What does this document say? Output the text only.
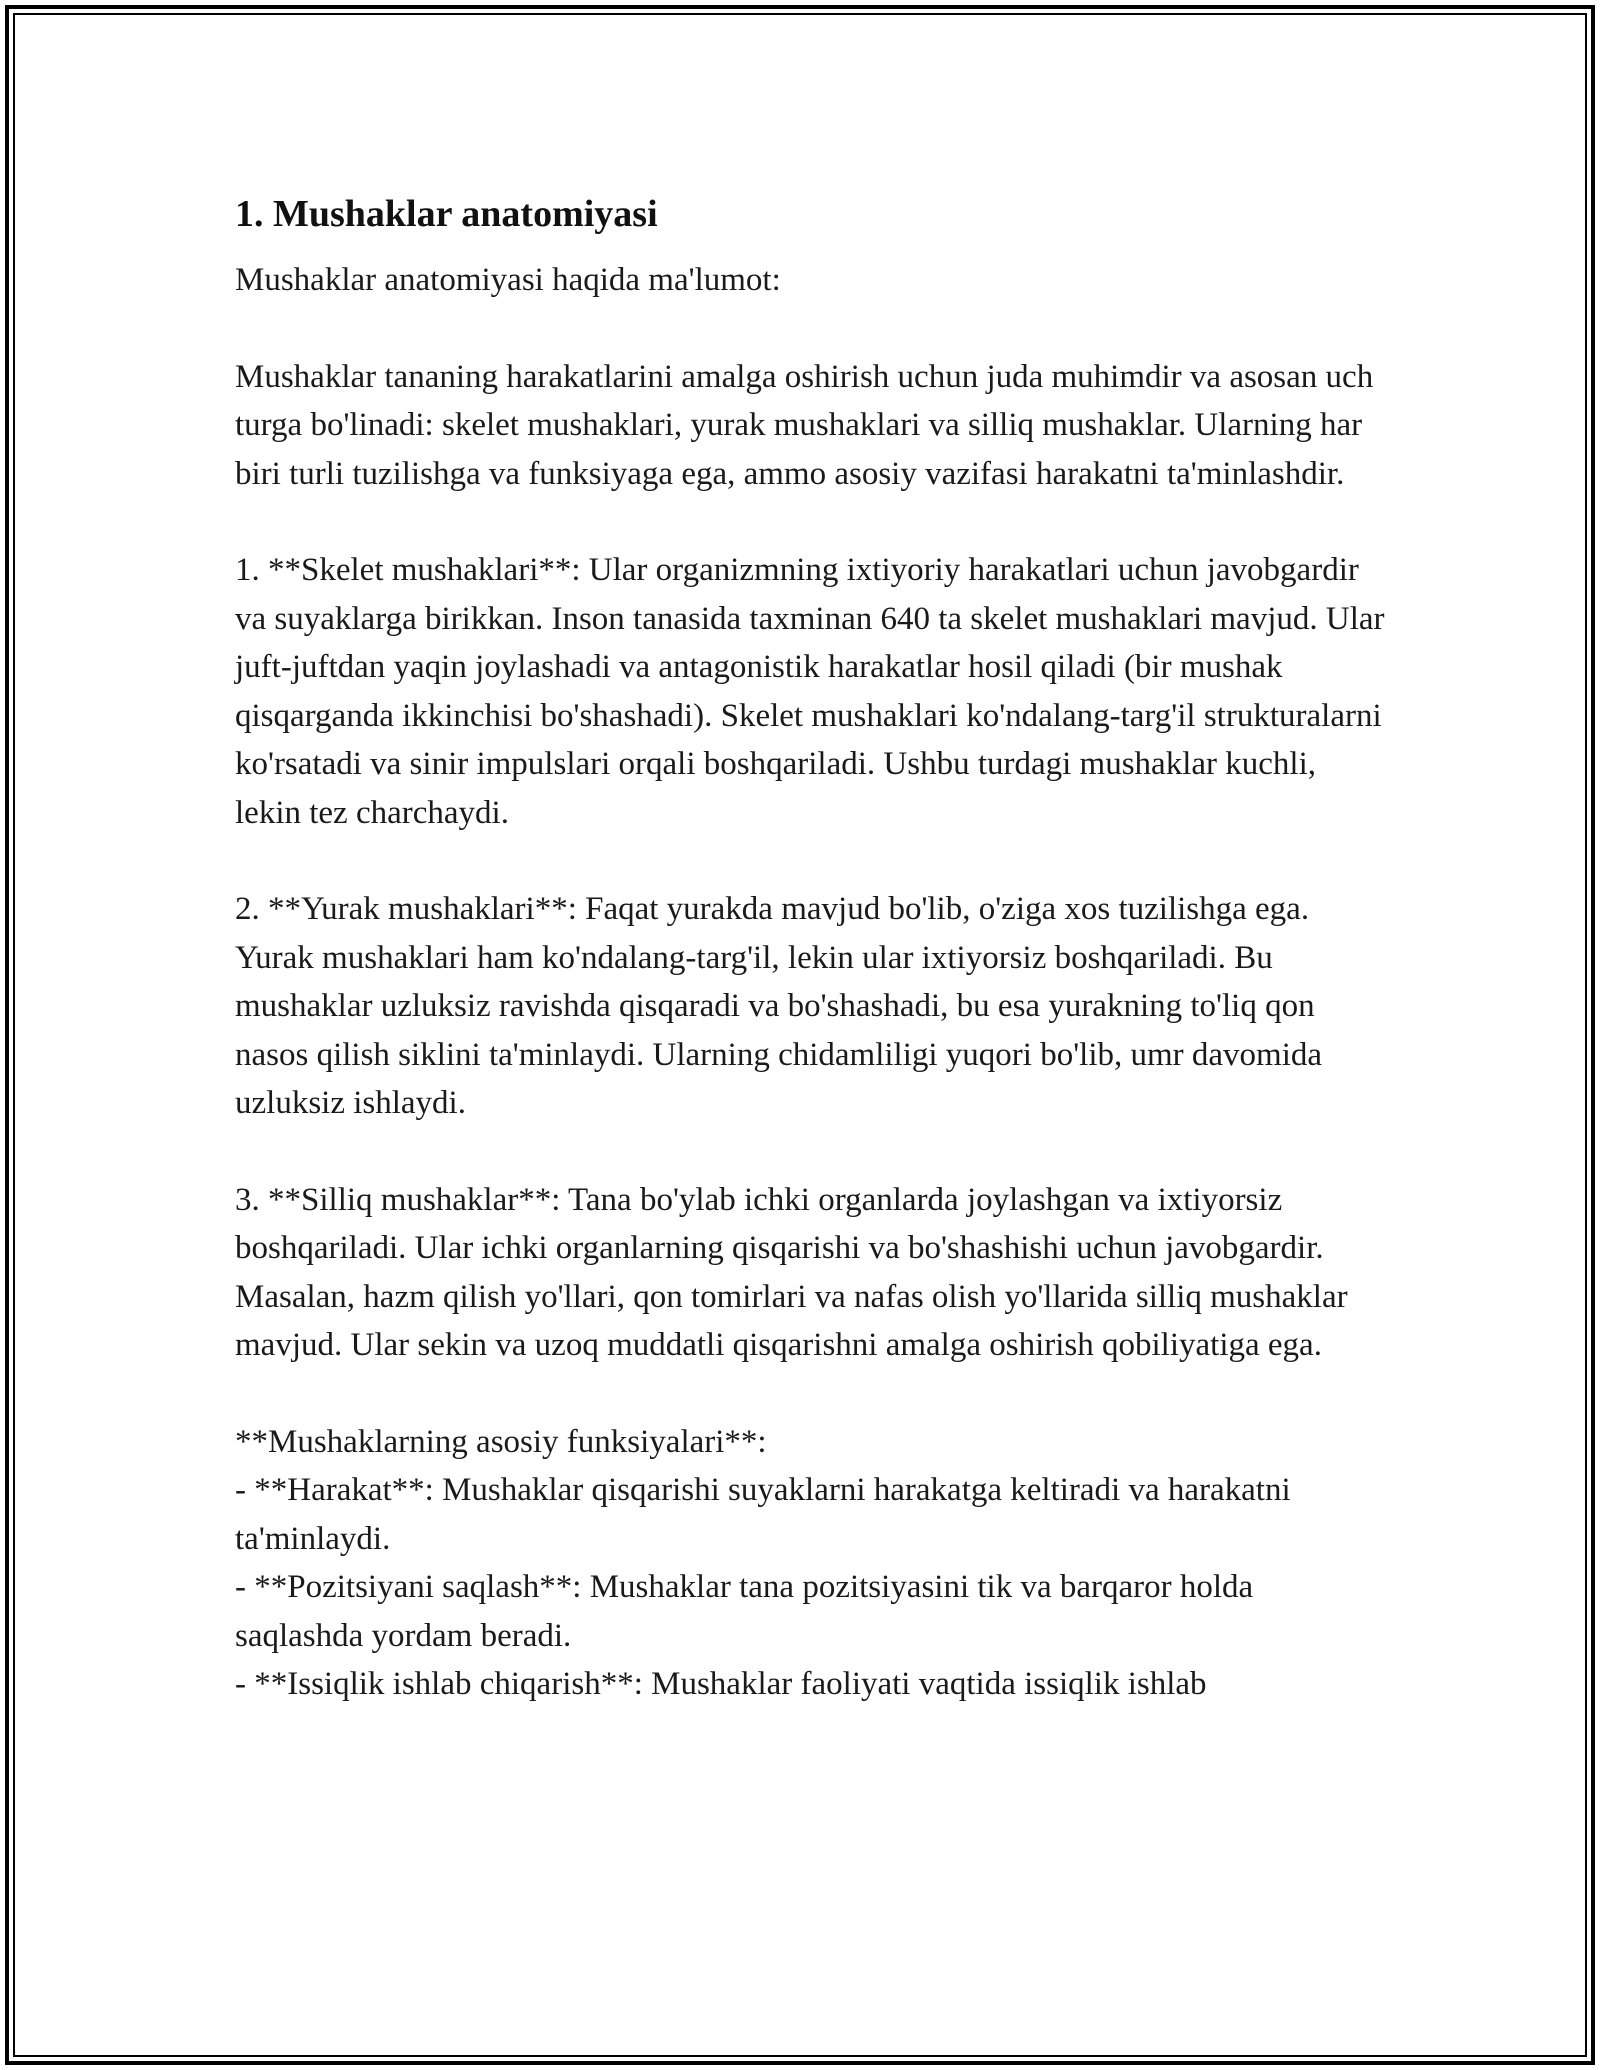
1. Mushaklar anatomiyasi

Mushaklar anatomiyasi haqida ma'lumot:

Mushaklar tananing harakatlarini amalga oshirish uchun juda muhimdir va asosan uch turga bo'linadi: skelet mushaklari, yurak mushaklari va silliq mushaklar. Ularning har biri turli tuzilishga va funksiyaga ega, ammo asosiy vazifasi harakatni ta'minlashdir.

1. **Skelet mushaklari**: Ular organizmning ixtiyoriy harakatlari uchun javobgardir va suyaklarga birikkan. Inson tanasida taxminan 640 ta skelet mushaklari mavjud. Ular juft-juftdan yaqin joylashadi va antagonistik harakatlar hosil qiladi (bir mushak qisqarganda ikkinchisi bo'shashadi). Skelet mushaklari ko'ndalang-targ'il strukturalarni ko'rsatadi va sinir impulslari orqali boshqariladi. Ushbu turdagi mushaklar kuchli, lekin tez charchaydi.

2. **Yurak mushaklari**: Faqat yurakda mavjud bo'lib, o'ziga xos tuzilishga ega. Yurak mushaklari ham ko'ndalang-targ'il, lekin ular ixtiyorsiz boshqariladi. Bu mushaklar uzluksiz ravishda qisqaradi va bo'shashadi, bu esa yurakning to'liq qon nasos qilish siklini ta'minlaydi. Ularning chidamliligi yuqori bo'lib, umr davomida uzluksiz ishlaydi.

3. **Silliq mushaklar**: Tana bo'ylab ichki organlarda joylashgan va ixtiyorsiz boshqariladi. Ular ichki organlarning qisqarishi va bo'shashishi uchun javobgardir. Masalan, hazm qilish yo'llari, qon tomirlari va nafas olish yo'llarida silliq mushaklar mavjud. Ular sekin va uzoq muddatli qisqarishni amalga oshirish qobiliyatiga ega.

**Mushaklarning asosiy funksiyalari**:

- **Harakat**: Mushaklar qisqarishi suyaklarni harakatga keltiradi va harakatni ta'minlaydi.
- **Pozitsiyani saqlash**: Mushaklar tana pozitsiyasini tik va barqaror holda saqlashda yordam beradi.
- **Issiqlik ishlab chiqarish**: Mushaklar faoliyati vaqtida issiqlik ishlab
